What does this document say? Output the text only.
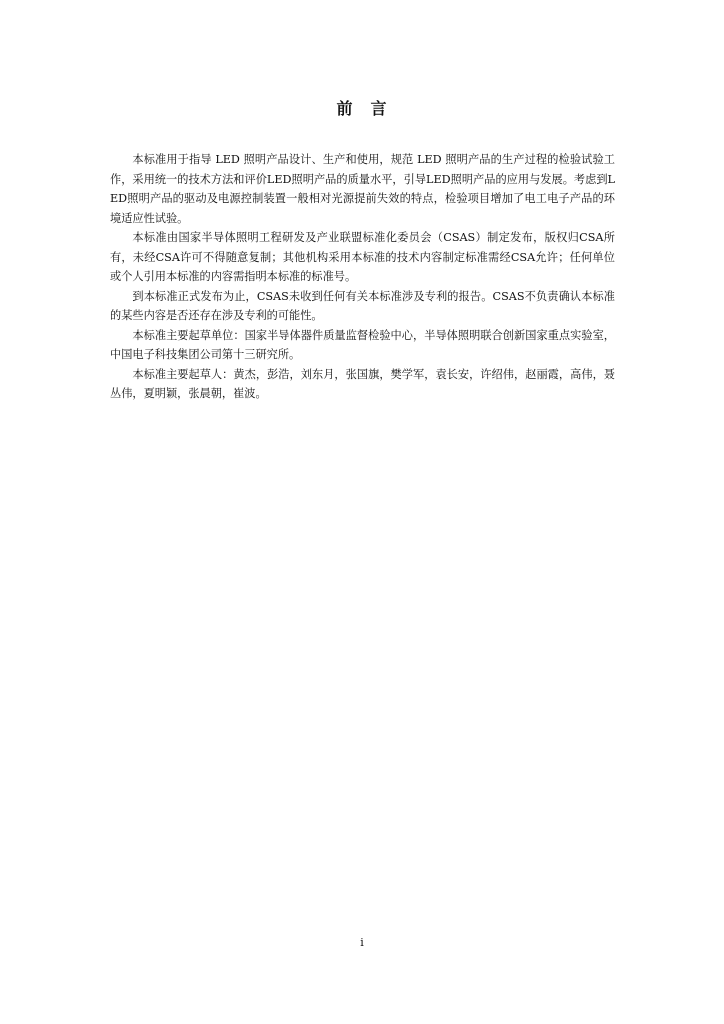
前　言

本标准用于指导 LED 照明产品设计、生产和使用，规范 LED 照明产品的生产过程的检验试验工作，采用统一的技术方法和评价LED照明产品的质量水平，引导LED照明产品的应用与发展。考虑到LED照明产品的驱动及电源控制装置一般相对光源提前失效的特点，检验项目增加了电工电子产品的环境适应性试验。

本标准由国家半导体照明工程研发及产业联盟标准化委员会（CSAS）制定发布，版权归CSA所有，未经CSA许可不得随意复制；其他机构采用本标准的技术内容制定标准需经CSA允许；任何单位或个人引用本标准的内容需指明本标准的标准号。

到本标准正式发布为止，CSAS未收到任何有关本标准涉及专利的报告。CSAS不负责确认本标准的某些内容是否还存在涉及专利的可能性。

本标准主要起草单位：国家半导体器件质量监督检验中心，半导体照明联合创新国家重点实验室，中国电子科技集团公司第十三研究所。

本标准主要起草人：黄杰，彭浩，刘东月，张国旗，樊学军，袁长安，许绍伟，赵丽霞，高伟，聂丛伟，夏明颖，张晨朝，崔波。

i
